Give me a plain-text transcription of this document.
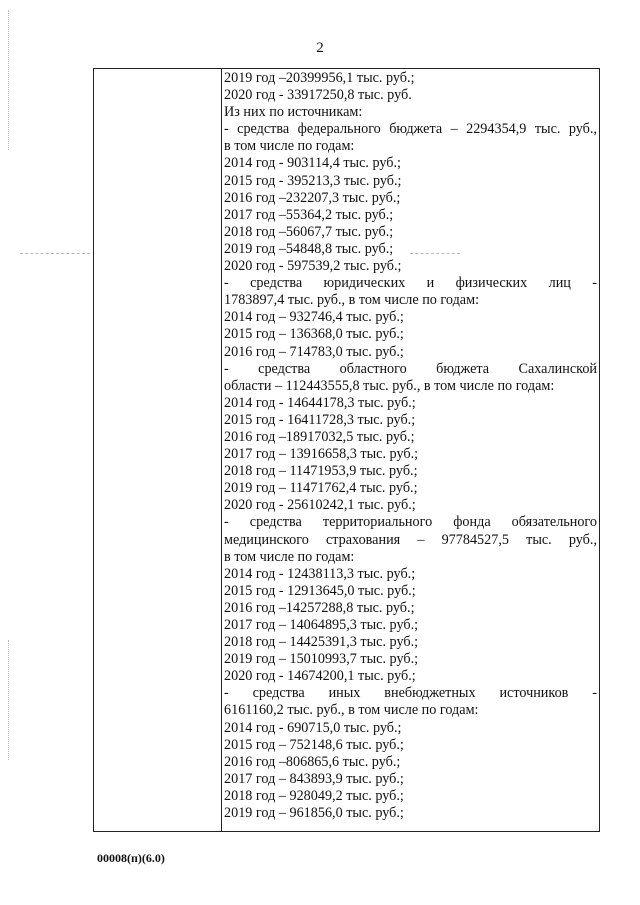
2
2019 год –20399956,1 тыс. руб.;
2020 год - 33917250,8 тыс. руб.
Из них по источникам:
- средства федерального бюджета – 2294354,9 тыс. руб.,
в том числе по годам:
2014 год - 903114,4 тыс. руб.;
2015 год - 395213,3 тыс. руб.;
2016 год –232207,3 тыс. руб.;
2017 год –55364,2 тыс. руб.;
2018 год –56067,7 тыс. руб.;
2019 год –54848,8 тыс. руб.;
2020 год - 597539,2 тыс. руб.;
- средства юридических и физических лиц -
1783897,4 тыс. руб., в том числе по годам:
2014 год – 932746,4 тыс. руб.;
2015 год – 136368,0 тыс. руб.;
2016 год – 714783,0 тыс. руб.;
- средства областного бюджета Сахалинской
области – 112443555,8 тыс. руб., в том числе по годам:
2014 год - 14644178,3 тыс. руб.;
2015 год - 16411728,3 тыс. руб.;
2016 год –18917032,5 тыс. руб.;
2017 год – 13916658,3 тыс. руб.;
2018 год – 11471953,9 тыс. руб.;
2019 год – 11471762,4 тыс. руб.;
2020 год - 25610242,1 тыс. руб.;
- средства территориального фонда обязательного
медицинского страхования – 97784527,5 тыс. руб.,
в том числе по годам:
2014 год - 12438113,3 тыс. руб.;
2015 год - 12913645,0 тыс. руб.;
2016 год –14257288,8 тыс. руб.;
2017 год – 14064895,3 тыс. руб.;
2018 год – 14425391,3 тыс. руб.;
2019 год – 15010993,7 тыс. руб.;
2020 год - 14674200,1 тыс. руб.;
- средства иных внебюджетных источников -
6161160,2 тыс. руб., в том числе по годам:
2014 год - 690715,0 тыс. руб.;
2015 год – 752148,6 тыс. руб.;
2016 год –806865,6 тыс. руб.;
2017 год – 843893,9 тыс. руб.;
2018 год – 928049,2 тыс. руб.;
2019 год – 961856,0 тыс. руб.;
00008(п)(6.0)
